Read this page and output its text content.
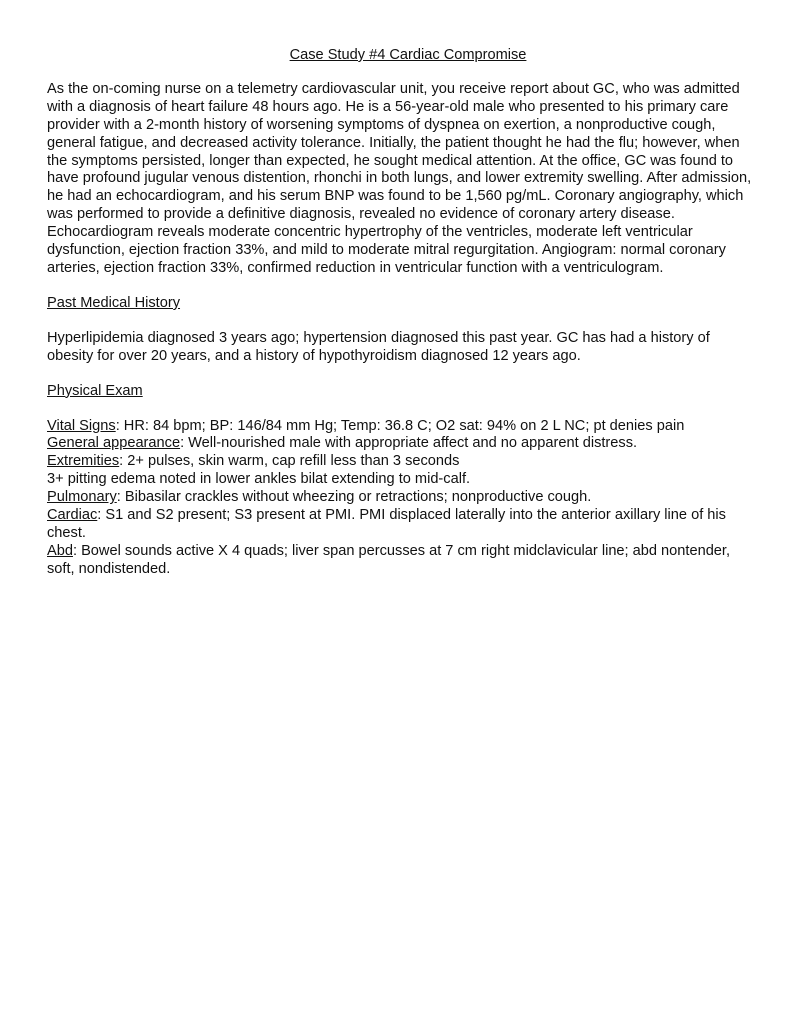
Case Study #4 Cardiac Compromise

As the on-coming nurse on a telemetry cardiovascular unit, you receive report about GC, who was admitted with a diagnosis of heart failure 48 hours ago. He is a 56-year-old male who presented to his primary care provider with a 2-month history of worsening symptoms of dyspnea on exertion, a nonproductive cough, general fatigue, and decreased activity tolerance. Initially, the patient thought he had the flu; however, when the symptoms persisted, longer than expected, he sought medical attention. At the office, GC was found to have profound jugular venous distention, rhonchi in both lungs, and lower extremity swelling. After admission, he had an echocardiogram, and his serum BNP was found to be 1,560 pg/mL. Coronary angiography, which was performed to provide a definitive diagnosis, revealed no evidence of coronary artery disease. Echocardiogram reveals moderate concentric hypertrophy of the ventricles, moderate left ventricular dysfunction, ejection fraction 33%, and mild to moderate mitral regurgitation. Angiogram: normal coronary arteries, ejection fraction 33%, confirmed reduction in ventricular function with a ventriculogram.

Past Medical History

Hyperlipidemia diagnosed 3 years ago; hypertension diagnosed this past year. GC has had a history of obesity for over 20 years, and a history of hypothyroidism diagnosed 12 years ago.

Physical Exam

Vital Signs: HR: 84 bpm; BP: 146/84 mm Hg; Temp: 36.8 C; O2 sat: 94% on 2 L NC; pt denies pain

General appearance: Well-nourished male with appropriate affect and no apparent distress.

Extremities: 2+ pulses, skin warm, cap refill less than 3 seconds

3+ pitting edema noted in lower ankles bilat extending to mid-calf.

Pulmonary: Bibasilar crackles without wheezing or retractions; nonproductive cough.

Cardiac: S1 and S2 present; S3 present at PMI. PMI displaced laterally into the anterior axillary line of his chest.

Abd: Bowel sounds active X 4 quads; liver span percusses at 7 cm right midclavicular line; abd nontender, soft, nondistended.
